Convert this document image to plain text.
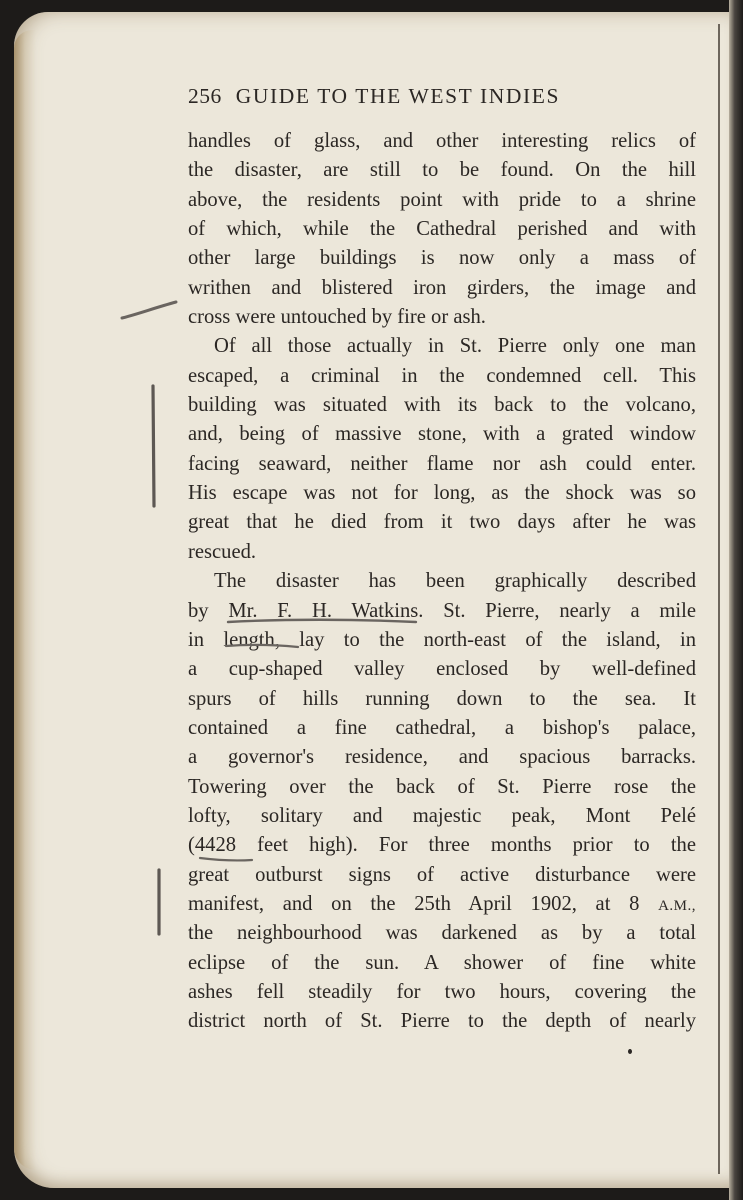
256 GUIDE TO THE WEST INDIES
handles of glass, and other interesting relics of
the disaster, are still to be found. On the hill
above, the residents point with pride to a shrine
of which, while the Cathedral perished and with
other large buildings is now only a mass of
writhen and blistered iron girders, the image and
cross were untouched by fire or ash.
Of all those actually in St. Pierre only one man
escaped, a criminal in the condemned cell. This
building was situated with its back to the volcano,
and, being of massive stone, with a grated window
facing seaward, neither flame nor ash could enter.
His escape was not for long, as the shock was so
great that he died from it two days after he was
rescued.
The disaster has been graphically described
by Mr. F. H. Watkins. St. Pierre, nearly a mile
in length, lay to the north-east of the island, in
a cup-shaped valley enclosed by well-defined
spurs of hills running down to the sea. It
contained a fine cathedral, a bishop's palace,
a governor's residence, and spacious barracks.
Towering over the back of St. Pierre rose the
lofty, solitary and majestic peak, Mont Pelé
(4428 feet high). For three months prior to the
great outburst signs of active disturbance were
manifest, and on the 25th April 1902, at 8 A.M.,
the neighbourhood was darkened as by a total
eclipse of the sun. A shower of fine white
ashes fell steadily for two hours, covering the
district north of St. Pierre to the depth of nearly
